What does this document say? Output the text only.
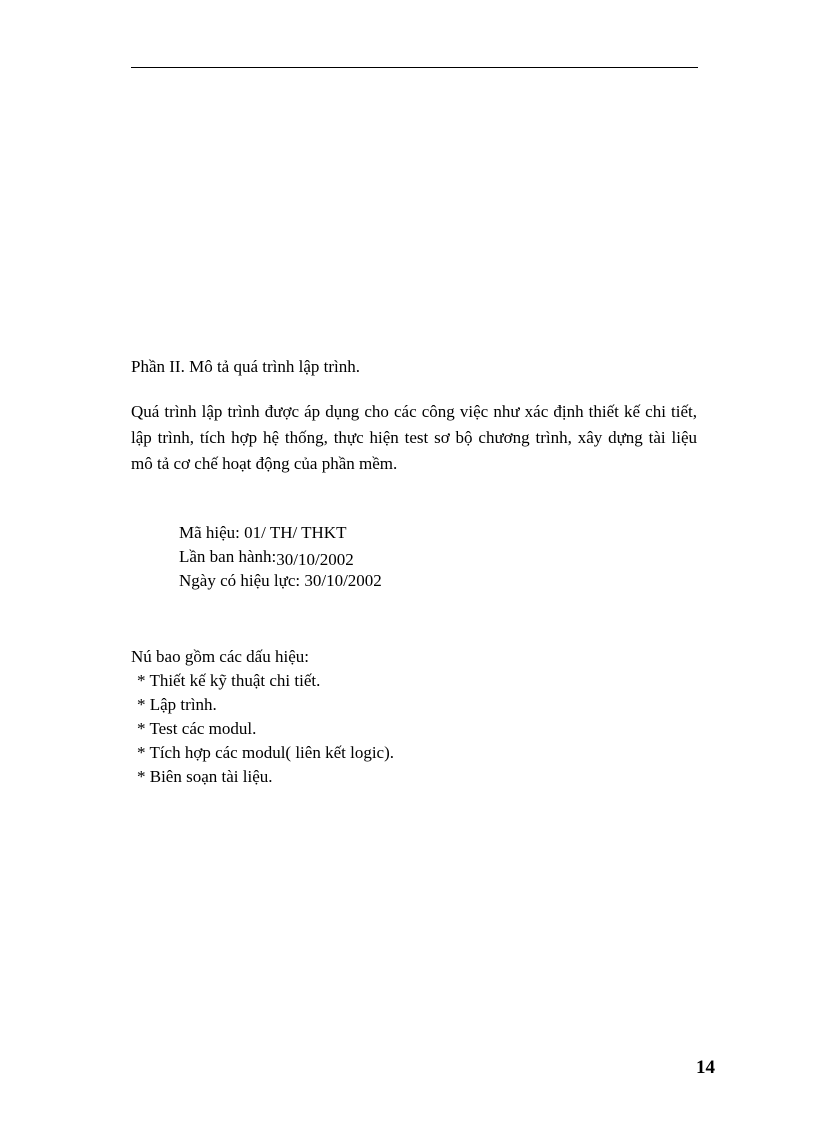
Phần II. Mô tả quá trình lập trình.
Quá trình lập trình được áp dụng cho các công việc như xác định thiết kế chi tiết, lập trình, tích hợp hệ thống, thực hiện test sơ bộ chương trình, xây dựng tài liệu mô tả cơ chế hoạt động của phần mềm.
Mã hiệu: 01/ TH/ THKT
Lần ban hành:30/10/2002
Ngày có hiệu lực: 30/10/2002
Nú bao gồm các dấu hiệu:
* Thiết kế kỹ thuật chi tiết.
* Lập trình.
* Test các modul.
* Tích hợp các modul( liên kết logic).
* Biên soạn tài liệu.
14
